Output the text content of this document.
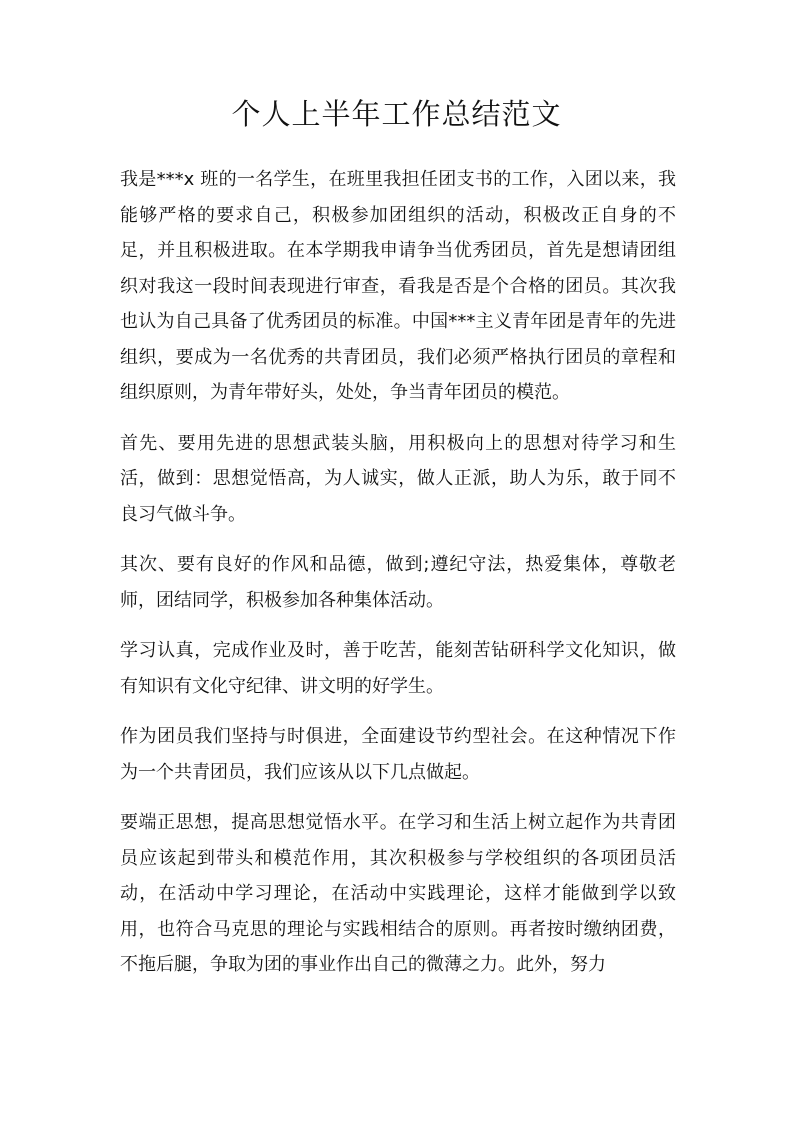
个人上半年工作总结范文

我是***x 班的一名学生，在班里我担任团支书的工作，入团以来，我能够严格的要求自己，积极参加团组织的活动，积极改正自身的不足，并且积极进取。在本学期我申请争当优秀团员，首先是想请团组织对我这一段时间表现进行审查，看我是否是个合格的团员。其次我也认为自己具备了优秀团员的标准。中国***主义青年团是青年的先进组织，要成为一名优秀的共青团员，我们必须严格执行团员的章程和组织原则，为青年带好头，处处，争当青年团员的模范。

首先、要用先进的思想武装头脑，用积极向上的思想对待学习和生活，做到：思想觉悟高，为人诚实，做人正派，助人为乐，敢于同不良习气做斗争。

其次、要有良好的作风和品德，做到;遵纪守法，热爱集体，尊敬老师，团结同学，积极参加各种集体活动。

学习认真，完成作业及时，善于吃苦，能刻苦钻研科学文化知识，做有知识有文化守纪律、讲文明的好学生。

作为团员我们坚持与时俱进，全面建设节约型社会。在这种情况下作为一个共青团员，我们应该从以下几点做起。

要端正思想，提高思想觉悟水平。在学习和生活上树立起作为共青团员应该起到带头和模范作用，其次积极参与学校组织的各项团员活动，在活动中学习理论，在活动中实践理论，这样才能做到学以致用，也符合马克思的理论与实践相结合的原则。再者按时缴纳团费，不拖后腿，争取为团的事业作出自己的微薄之力。此外，努力
